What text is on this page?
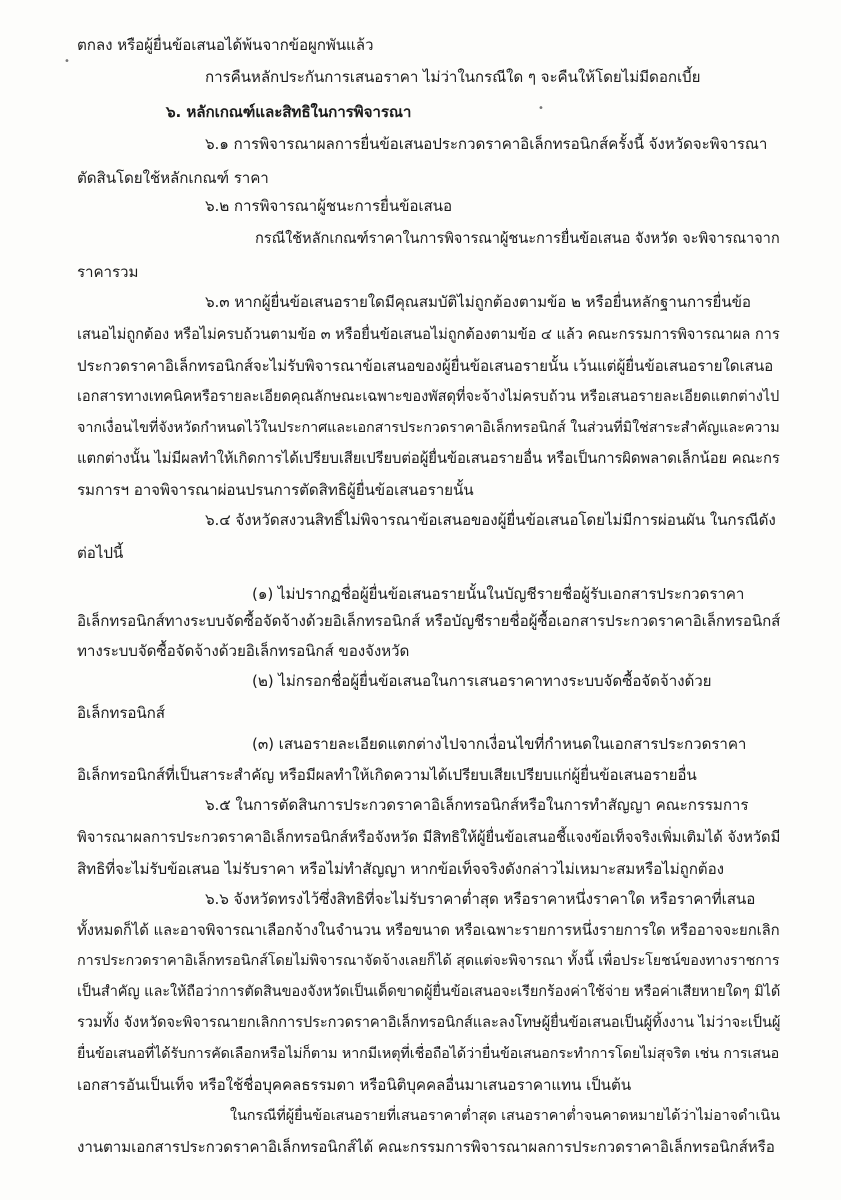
•
•
ตกลง หรือผู้ยื่นข้อเสนอได้พ้นจากข้อผูกพันแล้ว
การคืนหลักประกันการเสนอราคา ไม่ว่าในกรณีใด ๆ จะคืนให้โดยไม่มีดอกเบี้ย
๖. หลักเกณฑ์และสิทธิในการพิจารณา
๖.๑ การพิจารณาผลการยื่นข้อเสนอประกวดราคาอิเล็กทรอนิกส์ครั้งนี้ จังหวัดจะพิจารณา
ตัดสินโดยใช้หลักเกณฑ์ ราคา
๖.๒ การพิจารณาผู้ชนะการยื่นข้อเสนอ
กรณีใช้หลักเกณฑ์ราคาในการพิจารณาผู้ชนะการยื่นข้อเสนอ จังหวัด จะพิจารณาจาก
ราคารวม
๖.๓ หากผู้ยื่นข้อเสนอรายใดมีคุณสมบัติไม่ถูกต้องตามข้อ ๒ หรือยื่นหลักฐานการยื่นข้อ
เสนอไม่ถูกต้อง หรือไม่ครบถ้วนตามข้อ ๓ หรือยื่นข้อเสนอไม่ถูกต้องตามข้อ ๔ แล้ว คณะกรรมการพิจารณาผล การ
ประกวดราคาอิเล็กทรอนิกส์จะไม่รับพิจารณาข้อเสนอของผู้ยื่นข้อเสนอรายนั้น เว้นแต่ผู้ยื่นข้อเสนอรายใดเสนอ
เอกสารทางเทคนิคหรือรายละเอียดคุณลักษณะเฉพาะของพัสดุที่จะจ้างไม่ครบถ้วน หรือเสนอรายละเอียดแตกต่างไป
จากเงื่อนไขที่จังหวัดกำหนดไว้ในประกาศและเอกสารประกวดราคาอิเล็กทรอนิกส์ ในส่วนที่มิใช่สาระสำคัญและความ
แตกต่างนั้น ไม่มีผลทำให้เกิดการได้เปรียบเสียเปรียบต่อผู้ยื่นข้อเสนอรายอื่น หรือเป็นการผิดพลาดเล็กน้อย คณะกร
รมการฯ อาจพิจารณาผ่อนปรนการตัดสิทธิผู้ยื่นข้อเสนอรายนั้น
๖.๔ จังหวัดสงวนสิทธิ์ไม่พิจารณาข้อเสนอของผู้ยื่นข้อเสนอโดยไม่มีการผ่อนผัน ในกรณีดัง
ต่อไปนี้
(๑) ไม่ปรากฏชื่อผู้ยื่นข้อเสนอรายนั้นในบัญชีรายชื่อผู้รับเอกสารประกวดราคา
อิเล็กทรอนิกส์ทางระบบจัดซื้อจัดจ้างด้วยอิเล็กทรอนิกส์ หรือบัญชีรายชื่อผู้ซื้อเอกสารประกวดราคาอิเล็กทรอนิกส์
ทางระบบจัดซื้อจัดจ้างด้วยอิเล็กทรอนิกส์ ของจังหวัด
(๒) ไม่กรอกชื่อผู้ยื่นข้อเสนอในการเสนอราคาทางระบบจัดซื้อจัดจ้างด้วย
อิเล็กทรอนิกส์
(๓) เสนอรายละเอียดแตกต่างไปจากเงื่อนไขที่กำหนดในเอกสารประกวดราคา
อิเล็กทรอนิกส์ที่เป็นสาระสำคัญ หรือมีผลทำให้เกิดความได้เปรียบเสียเปรียบแก่ผู้ยื่นข้อเสนอรายอื่น
๖.๕ ในการตัดสินการประกวดราคาอิเล็กทรอนิกส์หรือในการทำสัญญา คณะกรรมการ
พิจารณาผลการประกวดราคาอิเล็กทรอนิกส์หรือจังหวัด มีสิทธิให้ผู้ยื่นข้อเสนอชี้แจงข้อเท็จจริงเพิ่มเติมได้ จังหวัดมี
สิทธิที่จะไม่รับข้อเสนอ ไม่รับราคา หรือไม่ทำสัญญา หากข้อเท็จจริงดังกล่าวไม่เหมาะสมหรือไม่ถูกต้อง
๖.๖ จังหวัดทรงไว้ซึ่งสิทธิที่จะไม่รับราคาต่ำสุด หรือราคาหนึ่งราคาใด หรือราคาที่เสนอ
ทั้งหมดก็ได้ และอาจพิจารณาเลือกจ้างในจำนวน หรือขนาด หรือเฉพาะรายการหนึ่งรายการใด หรืออาจจะยกเลิก
การประกวดราคาอิเล็กทรอนิกส์โดยไม่พิจารณาจัดจ้างเลยก็ได้ สุดแต่จะพิจารณา ทั้งนี้ เพื่อประโยชน์ของทางราชการ
เป็นสำคัญ และให้ถือว่าการตัดสินของจังหวัดเป็นเด็ดขาดผู้ยื่นข้อเสนอจะเรียกร้องค่าใช้จ่าย หรือค่าเสียหายใดๆ มิได้
รวมทั้ง จังหวัดจะพิจารณายกเลิกการประกวดราคาอิเล็กทรอนิกส์และลงโทษผู้ยื่นข้อเสนอเป็นผู้ทิ้งงาน ไม่ว่าจะเป็นผู้
ยื่นข้อเสนอที่ได้รับการคัดเลือกหรือไม่ก็ตาม หากมีเหตุที่เชื่อถือได้ว่ายื่นข้อเสนอกระทำการโดยไม่สุจริต เช่น การเสนอ
เอกสารอันเป็นเท็จ หรือใช้ชื่อบุคคลธรรมดา หรือนิติบุคคลอื่นมาเสนอราคาแทน เป็นต้น
ในกรณีที่ผู้ยื่นข้อเสนอรายที่เสนอราคาต่ำสุด เสนอราคาต่ำจนคาดหมายได้ว่าไม่อาจดำเนิน
งานตามเอกสารประกวดราคาอิเล็กทรอนิกส์ได้ คณะกรรมการพิจารณาผลการประกวดราคาอิเล็กทรอนิกส์หรือ
